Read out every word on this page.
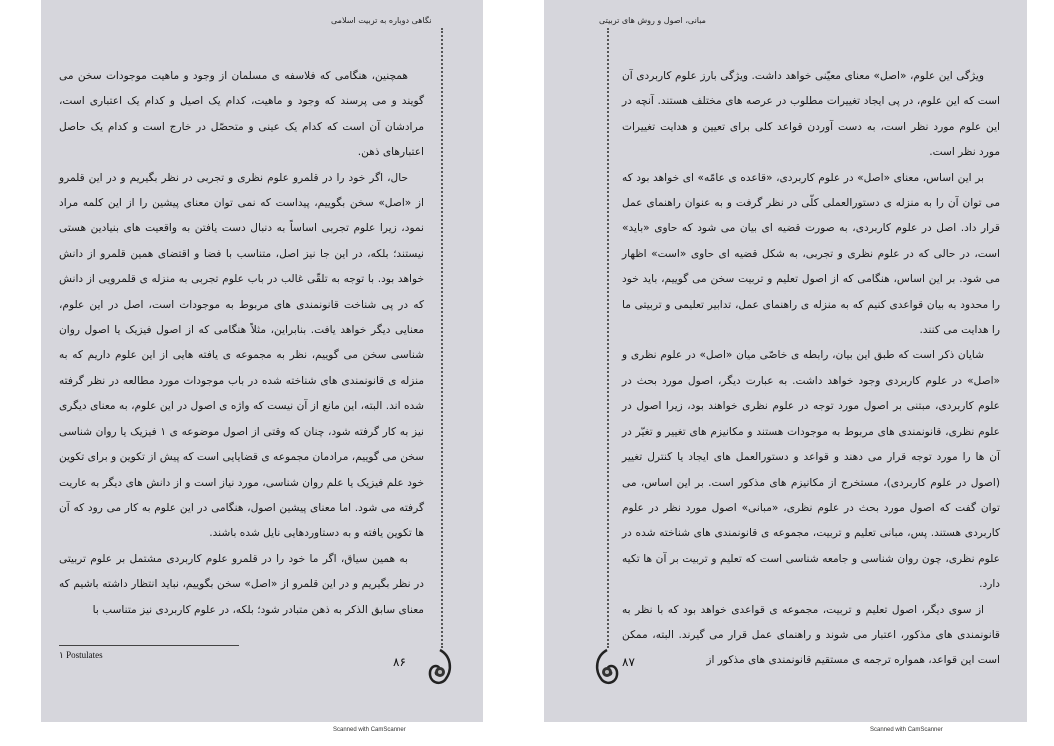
نگاهی دوباره به تربیت اسلامی

همچنین، هنگامی که فلاسفه ی مسلمان از وجود و ماهیت موجودات سخن می گویند و می پرسند که وجود و ماهیت، کدام یک اصیل و کدام یک اعتباری است، مرادشان آن است که کدام یک عینی و متحصّل در خارج است و کدام یک حاصل اعتبارهای ذهن.

حال، اگر خود را در قلمرو علوم نظری و تجربی در نظر بگیریم و در این قلمرو از «اصل» سخن بگوییم، پیداست که نمی توان معنای پیشین را از این کلمه مراد نمود، زیرا علوم تجربی اساساً به دنبال دست یافتن به واقعیت های بنیادین هستی نیستند؛ بلکه، در این جا نیز اصل، متناسب با فضا و اقتضای همین قلمرو از دانش خواهد بود. با توجه به تلقّی غالب در باب علوم تجربی به منزله ی قلمرویی از دانش که در پی شناخت قانونمندی های مربوط به موجودات است، اصل در این علوم، معنایی دیگر خواهد یافت. بنابراین، مثلاً هنگامی که از اصول فیزیک یا اصول روان شناسی سخن می گوییم، نظر به مجموعه ی یافته هایی از این علوم داریم که به منزله ی قانونمندی های شناخته شده در باب موجودات مورد مطالعه در نظر گرفته شده اند. البته، این مانع از آن نیست که واژه ی اصول در این علوم، به معنای دیگری نیز به کار گرفته شود، چنان که وقتی از اصول موضوعه ی ۱ فیزیک یا روان شناسی سخن می گوییم، مرادمان مجموعه ی قضایایی است که پیش از تکوین و برای تکوین خود علم فیزیک یا علم روان شناسی، مورد نیاز است و از دانش های دیگر به عاریت گرفته می شود. اما معنای پیشین اصول، هنگامی در این علوم به کار می رود که آن ها تکوین یافته و به دستاوردهایی نایل شده باشند.

به همین سیاق، اگر ما خود را در قلمرو علوم کاربردی مشتمل بر علوم تربیتی در نظر بگیریم و در این قلمرو از «اصل» سخن بگوییم، نباید انتظار داشته باشیم که معنای سابق الذکر به ذهن متبادر شود؛ بلکه، در علوم کاربردی نیز متناسب با

۱ Postulates	۸۶
مبانی، اصول و روش های تربیتی

ویژگی این علوم، «اصل» معنای معیّنی خواهد داشت. ویژگی بارز علوم کاربردی آن است که این علوم، در پی ایجاد تغییرات مطلوب در عرصه های مختلف هستند. آنچه در این علوم مورد نظر است، به دست آوردن قواعد کلی برای تعیین و هدایت تغییرات مورد نظر است.

بر این اساس، معنای «اصل» در علوم کاربردی، «قاعده ی عامّه» ای خواهد بود که می توان آن را به منزله ی دستورالعملی کلّی در نظر گرفت و به عنوان راهنمای عمل قرار داد. اصل در علوم کاربردی، به صورت قضیه ای بیان می شود که حاوی «باید» است، در حالی که در علوم نظری و تجربی، به شکل قضیه ای حاوی «است» اظهار می شود. بر این اساس، هنگامی که از اصول تعلیم و تربیت سخن می گوییم، باید خود را محدود به بیان قواعدی کنیم که به منزله ی راهنمای عمل، تدابیر تعلیمی و تربیتی ما را هدایت می کنند.

شایان ذکر است که طبق این بیان، رابطه ی خاصّی میان «اصل» در علوم نظری و «اصل» در علوم کاربردی وجود خواهد داشت. به عبارت دیگر، اصول مورد بحث در علوم کاربردی، مبتنی بر اصول مورد توجه در علوم نظری خواهند بود، زیرا اصول در علوم نظری، قانونمندی های مربوط به موجودات هستند و مکانیزم های تغییر و تغیّر در آن ها را مورد توجه قرار می دهند و قواعد و دستورالعمل های ایجاد یا کنترل تغییر (اصول در علوم کاربردی)، مستخرج از مکانیزم های مذکور است. بر این اساس، می توان گفت که اصول مورد بحث در علوم نظری، «مبانی» اصول مورد نظر در علوم کاربردی هستند. پس، مبانی تعلیم و تربیت، مجموعه ی قانونمندی های شناخته شده در علوم نظری، چون روان شناسی و جامعه شناسی است که تعلیم و تربیت بر آن ها تکیه دارد.

از سوی دیگر، اصول تعلیم و تربیت، مجموعه ی قواعدی خواهد بود که با نظر به قانونمندی های مذکور، اعتبار می شوند و راهنمای عمل قرار می گیرند. البته، ممکن است این قواعد، همواره ترجمه ی مستقیم قانونمندی های مذکور از

۸۷
Scanned with CamScanner	Scanned with CamScanner
